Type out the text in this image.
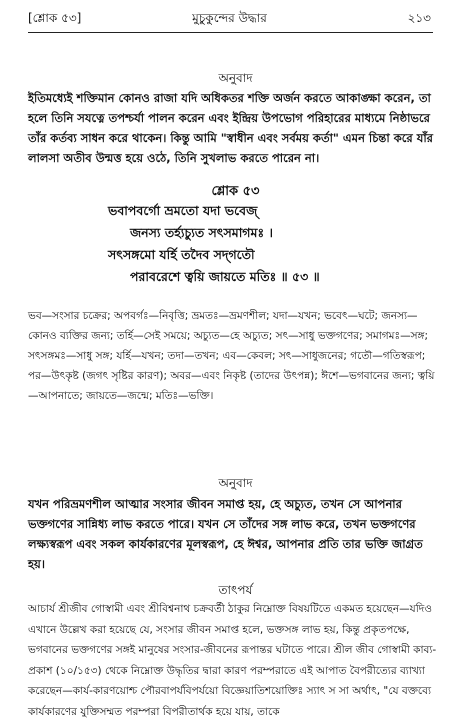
[শ্লোক ৫৩]	মুচুকুন্দের উদ্ধার	২১৩
অনুবাদ
ইতিমধ্যেই শক্তিমান কোনও রাজা যদি অধিকতর শক্তি অর্জন করতে আকাঙ্ক্ষা করেন, তা হলে তিনি সযত্নে তপশ্চর্যা পালন করেন এবং ইন্দ্রিয় উপভোগ পরিহারের মাধ্যমে নিষ্ঠাভরে তাঁর কর্তব্য সাধন করে থাকেন। কিন্তু আমি "স্বাধীন এবং সর্বময় কর্তা" এমন চিন্তা করে যাঁর লালসা অতীব উন্মত্ত হয়ে ওঠে, তিনি সুখলাভ করতে পারেন না।
শ্লোক ৫৩
ভবাপবর্গো ভ্রমতো যদা ভবেজ্
জনস্য তর্হ্যচ্যুত সৎসমাগমঃ ।
সৎসঙ্গমো যর্হি তদৈব সদ্‌গতৌ
পরাবরেশে ত্বয়ি জায়তে মতিঃ ॥ ৫৩ ॥
ভব—সংসার চক্রের; অপবর্গঃ—নিবৃত্তি; ভ্রমতঃ—ভ্রমণশীল; যদা—যখন; ভবেৎ—ঘটে; জনস্য—কোনও ব্যক্তির জন্য; তর্হি—সেই সময়ে; অচ্যুত—হে অচ্যুত; সৎ—সাধু ভক্তগণের; সমাগমঃ—সঙ্গ; সৎসঙ্গমঃ—সাধু সঙ্গ; যর্হি—যখন; তদা—তখন; এব—কেবল; সৎ—সাধুজনের; গতৌ—গতিস্বরূপ; পর—উৎকৃষ্ট (জগৎ সৃষ্টির কারণ); অবর—এবং নিকৃষ্ট (তাদের উৎপন্ন); ঈশে—ভগবানের জন্য; ত্বয়ি—আপনাতে; জায়তে—জন্মে; মতিঃ—ভক্তি।
অনুবাদ
যখন পরিভ্রমণশীল আত্মার সংসার জীবন সমাপ্ত হয়, হে অচ্যুত, তখন সে আপনার ভক্তগণের সান্নিধ্য লাভ করতে পারে। যখন সে তাঁদের সঙ্গ লাভ করে, তখন ভক্তগণের লক্ষ্যস্বরূপ এবং সকল কার্যকারণের মূলস্বরূপ, হে ঈশ্বর, আপনার প্রতি তার ভক্তি জাগ্রত হয়।
তাৎপর্য
আচার্য শ্রীজীব গোস্বামী এবং শ্রীবিশ্বনাথ চক্রবর্তী ঠাকুর নিম্নোক্ত বিষয়টিতে একমত হয়েছেন—যদিও এখানে উল্লেখ করা হয়েছে যে, সংসার জীবন সমাপ্ত হলে, ভক্তসঙ্গ লাভ হয়, কিন্তু প্রকৃতপক্ষে, ভগবানের ভক্তগণের সঙ্গই মানুষের সংসার-জীবনের রূপান্তর ঘটাতে পারে। শ্রীল জীব গোস্বামী কাব্য-প্রকাশ (১০/১৫৩) থেকে নিম্নোক্ত উদ্ধৃতির দ্বারা কারণ পরম্পরাতে এই আপাত বৈপরীত্যের ব্যাখ্যা করেছেন—কার্য-কারণয়োশ্চ পৌরবাপর্যবিপর্যয়ো বিজ্ঞেয়াতিশয়োক্তিঃ স্যাৎ স সা অর্থাৎ, "যে বক্তব্যে কার্যকারণের যুক্তিসম্মত পরম্পরা বিপরীতার্থক হয়ে যায়, তাকে
